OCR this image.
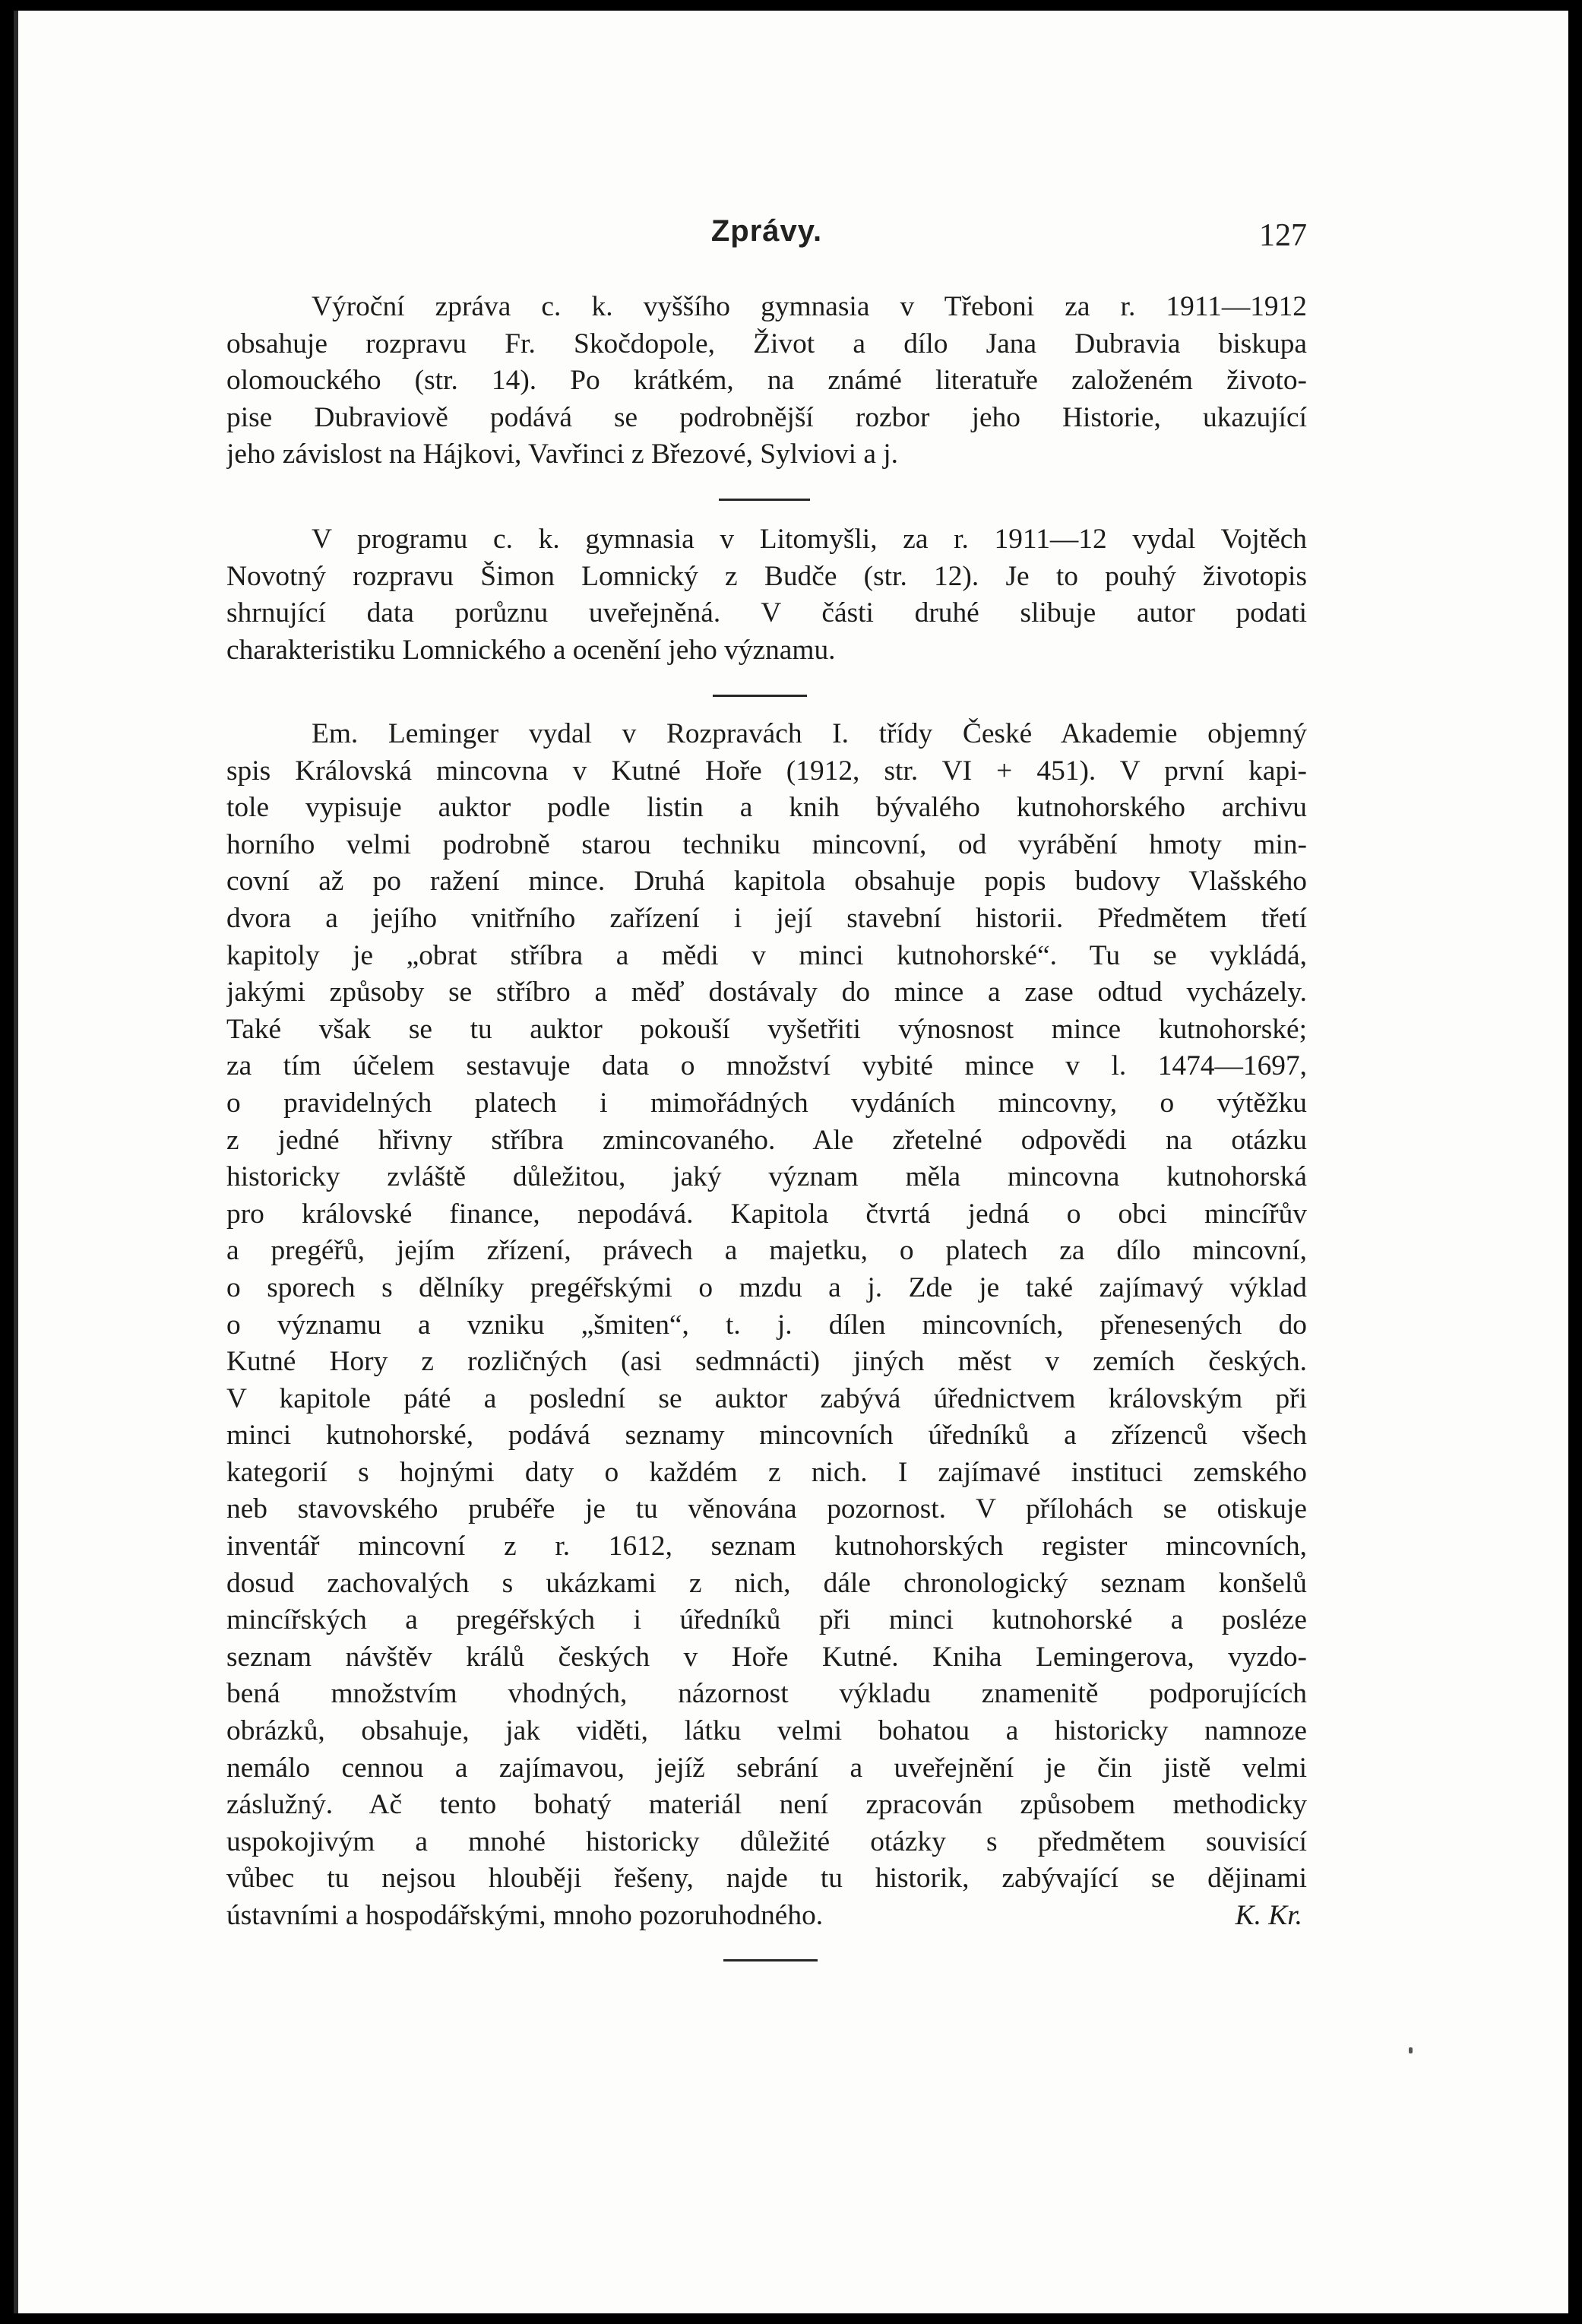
Zprávy.	127
Výroční zpráva c. k. vyššího gymnasia v Třeboni za r. 1911—1912
obsahuje rozpravu Fr. Skočdopole, Život a dílo Jana Dubravia biskupa
olomouckého (str. 14). Po krátkém, na známé literatuře založeném životo-
pise Dubraviově podává se podrobnější rozbor jeho Historie, ukazující
jeho závislost na Hájkovi, Vavřinci z Březové, Sylviovi a j.
V programu c. k. gymnasia v Litomyšli, za r. 1911—12 vydal Vojtěch
Novotný rozpravu Šimon Lomnický z Budče (str. 12). Je to pouhý životopis
shrnující data porůznu uveřejněná. V části druhé slibuje autor podati
charakteristiku Lomnického a ocenění jeho významu.
Em. Leminger vydal v Rozpravách I. třídy České Akademie objemný
spis Královská mincovna v Kutné Hoře (1912, str. VI + 451). V první kapi-
tole vypisuje auktor podle listin a knih bývalého kutnohorského archivu
horního velmi podrobně starou techniku mincovní, od vyrábění hmoty min-
covní až po ražení mince. Druhá kapitola obsahuje popis budovy Vlašského
dvora a jejího vnitřního zařízení i její stavební historii. Předmětem třetí
kapitoly je „obrat stříbra a mědi v minci kutnohorské“. Tu se vykládá,
jakými způsoby se stříbro a měď dostávaly do mince a zase odtud vycházely.
Také však se tu auktor pokouší vyšetřiti výnosnost mince kutnohorské;
za tím účelem sestavuje data o množství vybité mince v l. 1474—1697,
o pravidelných platech i mimořádných vydáních mincovny, o výtěžku
z jedné hřivny stříbra zmincovaného. Ale zřetelné odpovědi na otázku
historicky zvláště důležitou, jaký význam měla mincovna kutnohorská
pro královské finance, nepodává. Kapitola čtvrtá jedná o obci mincířův
a pregéřů, jejím zřízení, právech a majetku, o platech za dílo mincovní,
o sporech s dělníky pregéřskými o mzdu a j. Zde je také zajímavý výklad
o významu a vzniku „šmiten“, t. j. dílen mincovních, přenesených do
Kutné Hory z rozličných (asi sedmnácti) jiných měst v zemích českých.
V kapitole páté a poslední se auktor zabývá úřednictvem královským při
minci kutnohorské, podává seznamy mincovních úředníků a zřízenců všech
kategorií s hojnými daty o každém z nich. I zajímavé instituci zemského
neb stavovského prubéře je tu věnována pozornost. V přílohách se otiskuje
inventář mincovní z r. 1612, seznam kutnohorských register mincovních,
dosud zachovalých s ukázkami z nich, dále chronologický seznam konšelů
mincířských a pregéřských i úředníků při minci kutnohorské a posléze
seznam návštěv králů českých v Hoře Kutné. Kniha Lemingerova, vyzdo-
bená množstvím vhodných, názornost výkladu znamenitě podporujících
obrázků, obsahuje, jak viděti, látku velmi bohatou a historicky namnoze
nemálo cennou a zajímavou, jejíž sebrání a uveřejnění je čin jistě velmi
záslužný. Ač tento bohatý materiál není zpracován způsobem methodicky
uspokojivým a mnohé historicky důležité otázky s předmětem souvisící
vůbec tu nejsou hlouběji řešeny, najde tu historik, zabývající se dějinami
ústavními a hospodářskými, mnoho pozoruhodného.	K. Kr.
